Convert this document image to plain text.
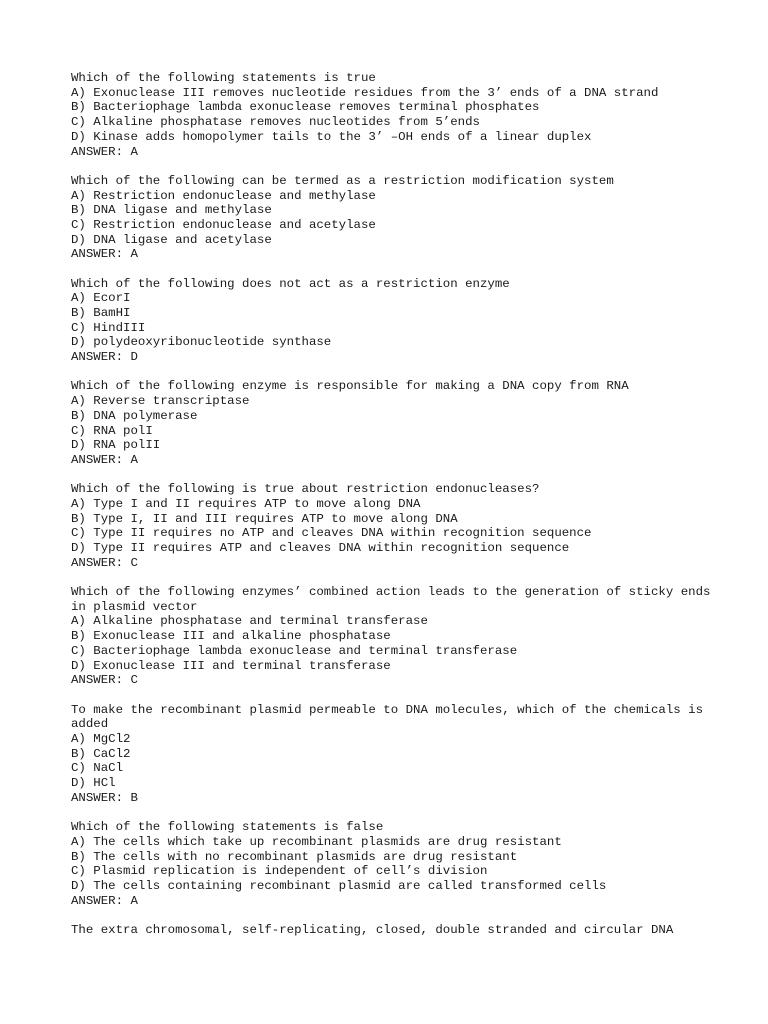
Which of the following statements is true
A) Exonuclease III removes nucleotide residues from the 3’ ends of a DNA strand
B) Bacteriophage lambda exonuclease removes terminal phosphates
C) Alkaline phosphatase removes nucleotides from 5’ends
D) Kinase adds homopolymer tails to the 3’ –OH ends of a linear duplex
ANSWER: A
Which of the following can be termed as a restriction modification system
A) Restriction endonuclease and methylase
B) DNA ligase and methylase
C) Restriction endonuclease and acetylase
D) DNA ligase and acetylase
ANSWER: A
Which of the following does not act as a restriction enzyme
A) EcorI
B) BamHI
C) HindIII
D) polydeoxyribonucleotide synthase
ANSWER: D
Which of the following enzyme is responsible for making a DNA copy from RNA
A) Reverse transcriptase
B) DNA polymerase
C) RNA polI
D) RNA polII
ANSWER: A
Which of the following is true about restriction endonucleases?
A) Type I and II requires ATP to move along DNA
B) Type I, II and III requires ATP to move along DNA
C) Type II requires no ATP and cleaves DNA within recognition sequence
D) Type II requires ATP and cleaves DNA within recognition sequence
ANSWER: C
Which of the following enzymes’ combined action leads to the generation of sticky ends in plasmid vector
A) Alkaline phosphatase and terminal transferase
B) Exonuclease III and alkaline phosphatase
C) Bacteriophage lambda exonuclease and terminal transferase
D) Exonuclease III and terminal transferase
ANSWER: C
To make the recombinant plasmid permeable to DNA molecules, which of the chemicals is added
A) MgCl2
B) CaCl2
C) NaCl
D) HCl
ANSWER: B
Which of the following statements is false
A) The cells which take up recombinant plasmids are drug resistant
B) The cells with no recombinant plasmids are drug resistant
C) Plasmid replication is independent of cell’s division
D) The cells containing recombinant plasmid are called transformed cells
ANSWER: A
The extra chromosomal, self-replicating, closed, double stranded and circular DNA
